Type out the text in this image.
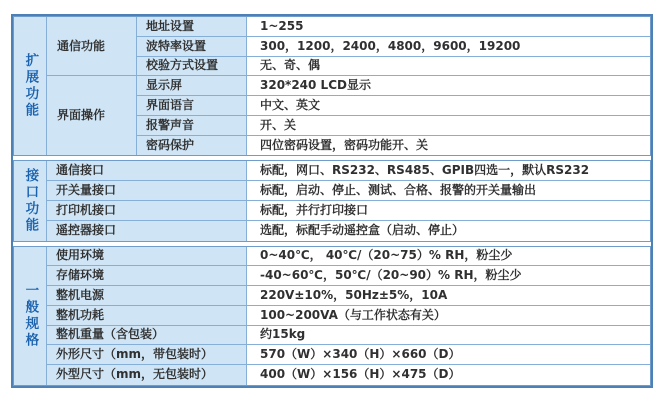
扩展功能
通信功能
地址设置	1~255
波特率设置	300，1200，2400，4800，9600，19200
校验方式设置	无、奇、偶
界面操作
显示屏	320*240 LCD显示
界面语言	中文、英文
报警声音	开、关
密码保护	四位密码设置，密码功能开、关
接口功能	通信接口	标配，网口、RS232、RS485、GPIB四选一，默认RS232
开关量接口	标配，启动、停止、测试、合格、报警的开关量输出
打印机接口	标配，并行打印接口
遥控器接口	选配，标配手动遥控盒（启动、停止）
一般规格
使用环境	0~40℃， 40℃/（20~75）% RH，粉尘少
存储环境	-40~60℃，50℃/（20~90）% RH，粉尘少
整机电源	220V±10%，50Hz±5%，10A
整机功耗	100~200VA（与工作状态有关）
整机重量（含包装）	约15kg
外形尺寸（mm，带包装时）	570（W）×340（H）×660（D）
外型尺寸（mm，无包装时）	400（W）×156（H）×475（D）
